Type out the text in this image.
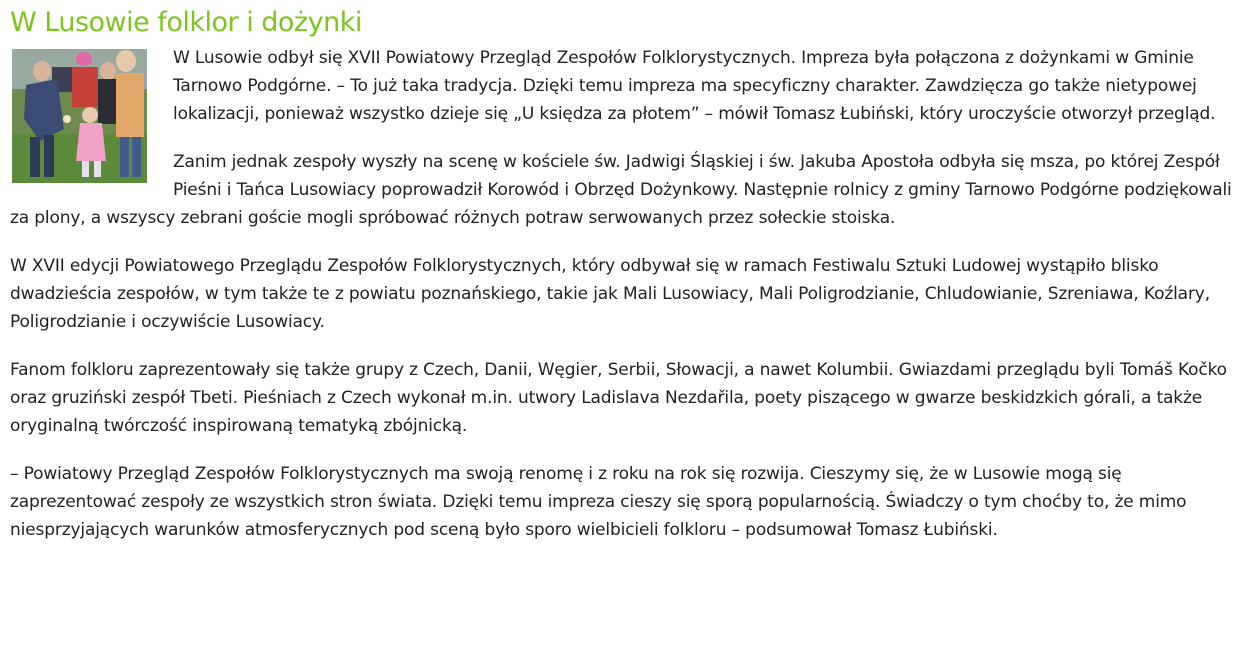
W Lusowie folklor i dożynki

W Lusowie odbył się XVII Powiatowy Przegląd Zespołów Folklorystycznych. Impreza była połączona z dożynkami w Gminie Tarnowo Podgórne. – To już taka tradycja. Dzięki temu impreza ma specyficzny charakter. Zawdzięcza go także nietypowej lokalizacji, ponieważ wszystko dzieje się „U księdza za płotem” – mówił Tomasz Łubiński, który uroczyście otworzył przegląd.

Zanim jednak zespoły wyszły na scenę w kościele św. Jadwigi Śląskiej i św. Jakuba Apostoła odbyła się msza, po której Zespół Pieśni i Tańca Lusowiacy poprowadził Korowód i Obrzęd Dożynkowy. Następnie rolnicy z gminy Tarnowo Podgórne podziękowali za plony, a wszyscy zebrani goście mogli spróbować różnych potraw serwowanych przez sołeckie stoiska.

W XVII edycji Powiatowego Przeglądu Zespołów Folklorystycznych, który odbywał się w ramach Festiwalu Sztuki Ludowej wystąpiło blisko dwadzieścia zespołów, w tym także te z powiatu poznańskiego, takie jak Mali Lusowiacy, Mali Poligrodzianie, Chludowianie, Szreniawa, Koźlary, Poligrodzianie i oczywiście Lusowiacy.

Fanom folkloru zaprezentowały się także grupy z Czech, Danii, Węgier, Serbii, Słowacji, a nawet Kolumbii. Gwiazdami przeglądu byli Tomáš Kočko oraz gruziński zespół Tbeti. Pieśniach z Czech wykonał m.in. utwory Ladislava Nezdařila, poety piszącego w gwarze beskidzkich górali, a także oryginalną twórczość inspirowaną tematyką zbójnicką.

– Powiatowy Przegląd Zespołów Folklorystycznych ma swoją renomę i z roku na rok się rozwija. Cieszymy się, że w Lusowie mogą się zaprezentować zespoły ze wszystkich stron świata. Dzięki temu impreza cieszy się sporą popularnością. Świadczy o tym choćby to, że mimo niesprzyjających warunków atmosferycznych pod sceną było sporo wielbicieli folkloru – podsumował Tomasz Łubiński.
